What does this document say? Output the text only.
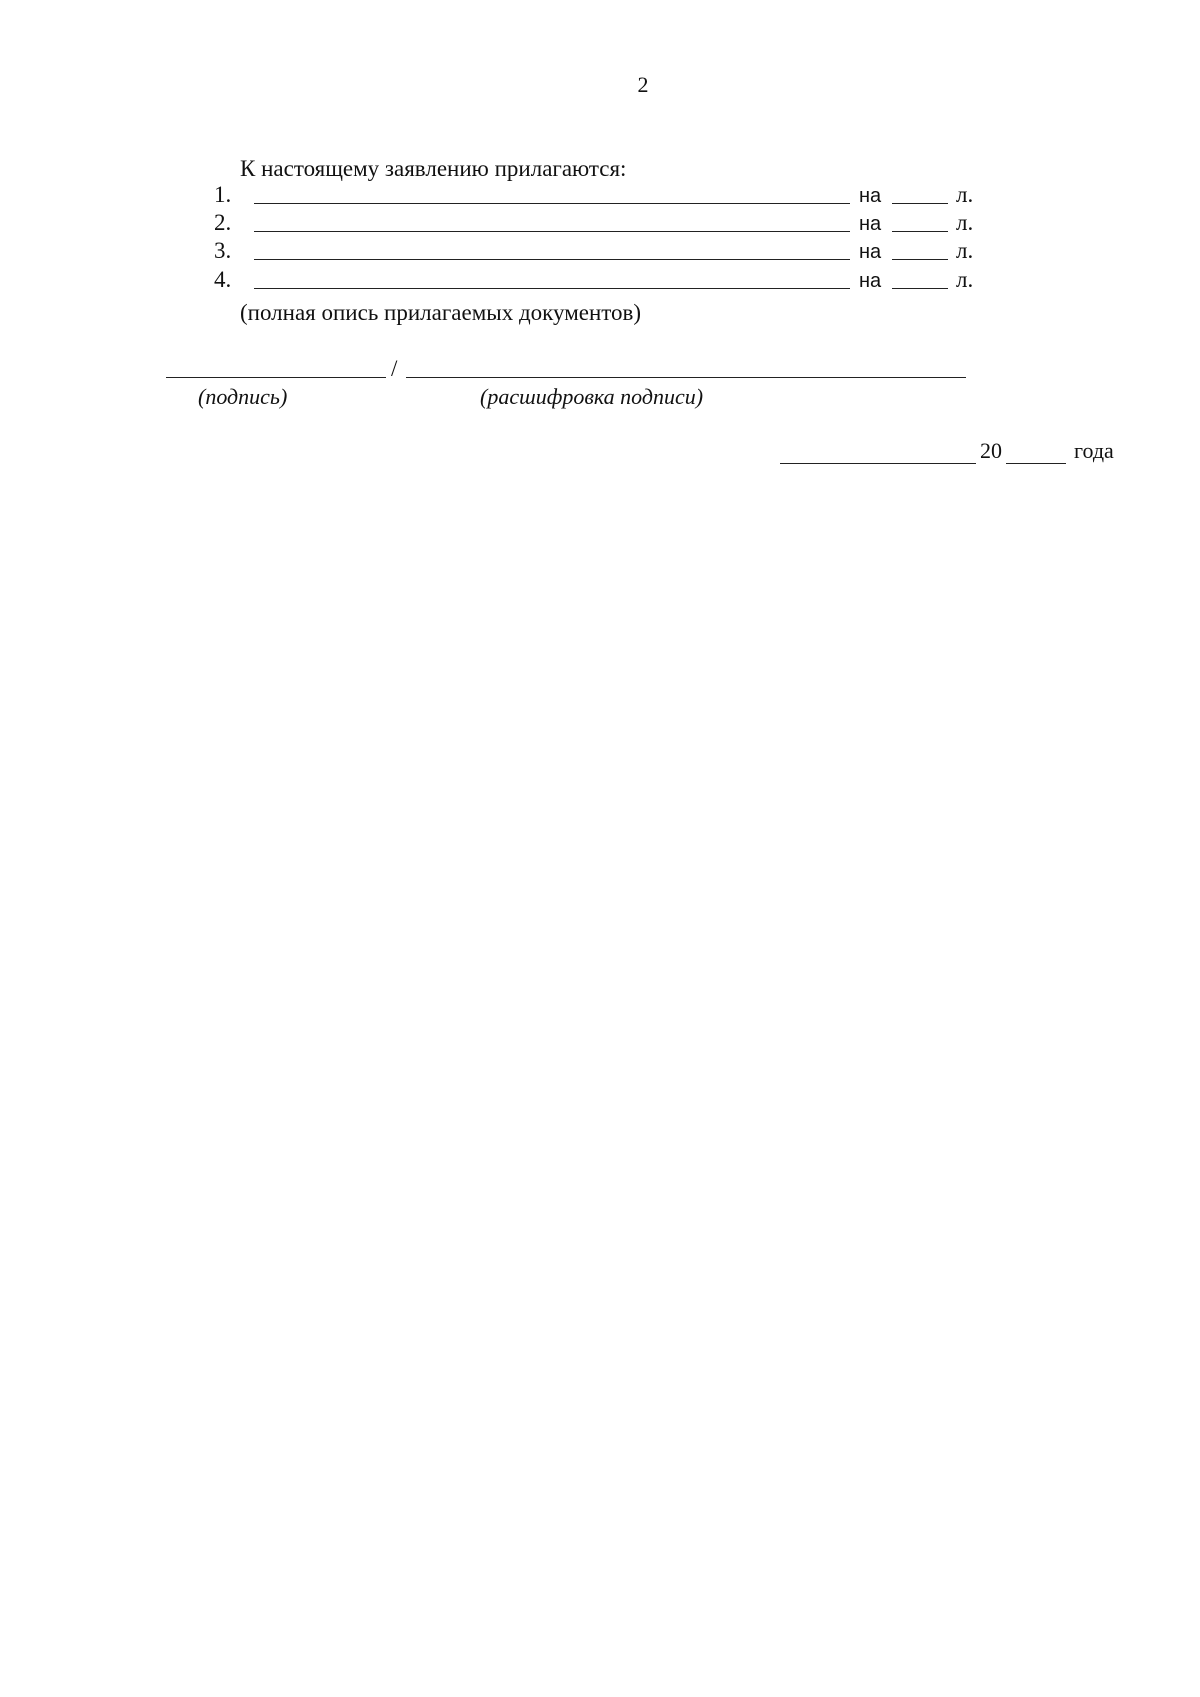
2
К настоящему заявлению прилагаются:
1.	на	л.
2.	на	л.
3.	на	л.
4.	на	л.
(полная опись прилагаемых документов)
/
(подпись)	(расшифровка подписи)
20	года
